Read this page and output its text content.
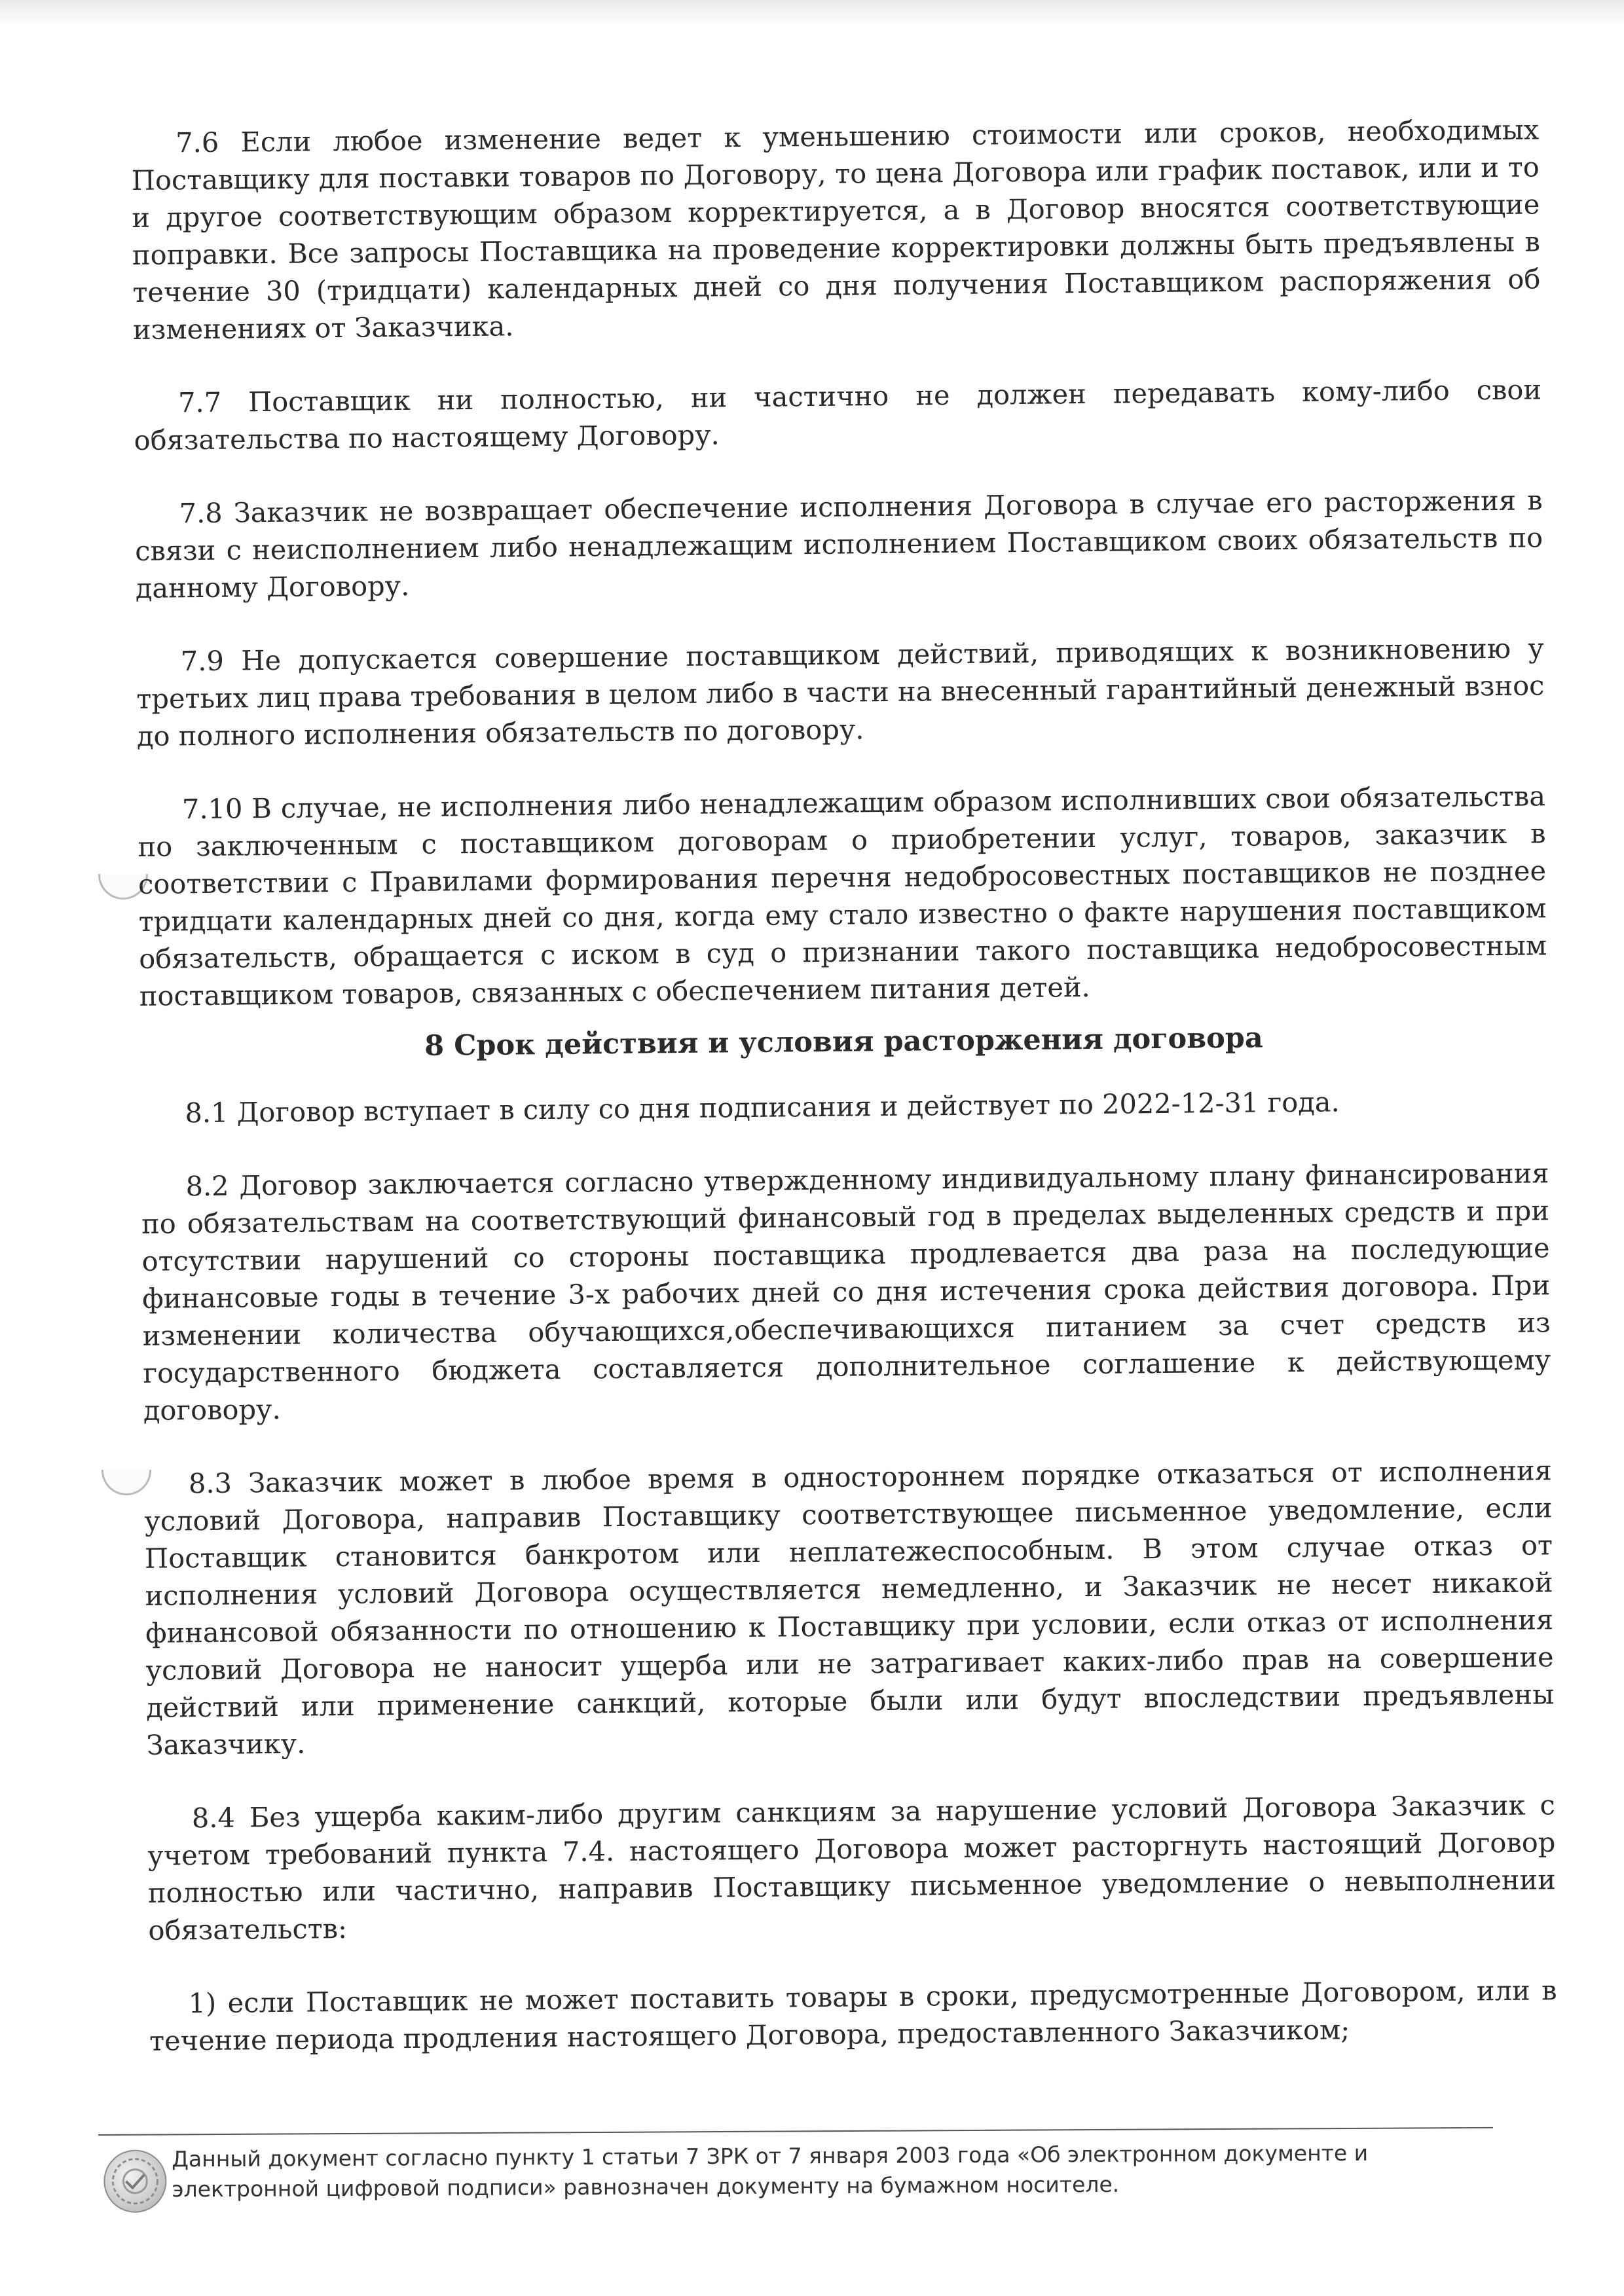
7.6 Если любое изменение ведет к уменьшению стоимости или сроков, необходимых Поставщику для поставки товаров по Договору, то цена Договора или график поставок, или и то и другое соответствующим образом корректируется, а в Договор вносятся соответствующие поправки. Все запросы Поставщика на проведение корректировки должны быть предъявлены в течение 30 (тридцати) календарных дней со дня получения Поставщиком распоряжения об изменениях от Заказчика.

7.7 Поставщик ни полностью, ни частично не должен передавать кому-либо свои обязательства по настоящему Договору.

7.8 Заказчик не возвращает обеспечение исполнения Договора в случае его расторжения в связи с неисполнением либо ненадлежащим исполнением Поставщиком своих обязательств по данному Договору.

7.9 Не допускается совершение поставщиком действий, приводящих к возникновению у третьих лиц права требования в целом либо в части на внесенный гарантийный денежный взнос до полного исполнения обязательств по договору.

7.10 В случае, не исполнения либо ненадлежащим образом исполнивших свои обязательства по заключенным с поставщиком договорам о приобретении услуг, товаров, заказчик в соответствии с Правилами формирования перечня недобросовестных поставщиков не позднее тридцати календарных дней со дня, когда ему стало известно о факте нарушения поставщиком обязательств, обращается с иском в суд о признании такого поставщика недобросовестным поставщиком товаров, связанных с обеспечением питания детей.

8 Срок действия и условия расторжения договора

8.1 Договор вступает в силу со дня подписания и действует по 2022-12-31 года.

8.2 Договор заключается согласно утвержденному индивидуальному плану финансирования по обязательствам на соответствующий финансовый год в пределах выделенных средств и при отсутствии нарушений со стороны поставщика продлевается два раза на последующие финансовые годы в течение 3-х рабочих дней со дня истечения срока действия договора. При изменении количества обучающихся,обеспечивающихся питанием за счет средств из государственного бюджета составляется дополнительное соглашение к действующему договору.

8.3 Заказчик может в любое время в одностороннем порядке отказаться от исполнения условий Договора, направив Поставщику соответствующее письменное уведомление, если Поставщик становится банкротом или неплатежеспособным. В этом случае отказ от исполнения условий Договора осуществляется немедленно, и Заказчик не несет никакой финансовой обязанности по отношению к Поставщику при условии, если отказ от исполнения условий Договора не наносит ущерба или не затрагивает каких-либо прав на совершение действий или применение санкций, которые были или будут впоследствии предъявлены Заказчику.

8.4 Без ущерба каким-либо другим санкциям за нарушение условий Договора Заказчик с учетом требований пункта 7.4. настоящего Договора может расторгнуть настоящий Договор полностью или частично, направив Поставщику письменное уведомление о невыполнении обязательств:

1) если Поставщик не может поставить товары в сроки, предусмотренные Договором, или в течение периода продления настоящего Договора, предоставленного Заказчиком;

Данный документ согласно пункту 1 статьи 7 ЗРК от 7 января 2003 года «Об электронном документе и электронной цифровой подписи» равнозначен документу на бумажном носителе.
